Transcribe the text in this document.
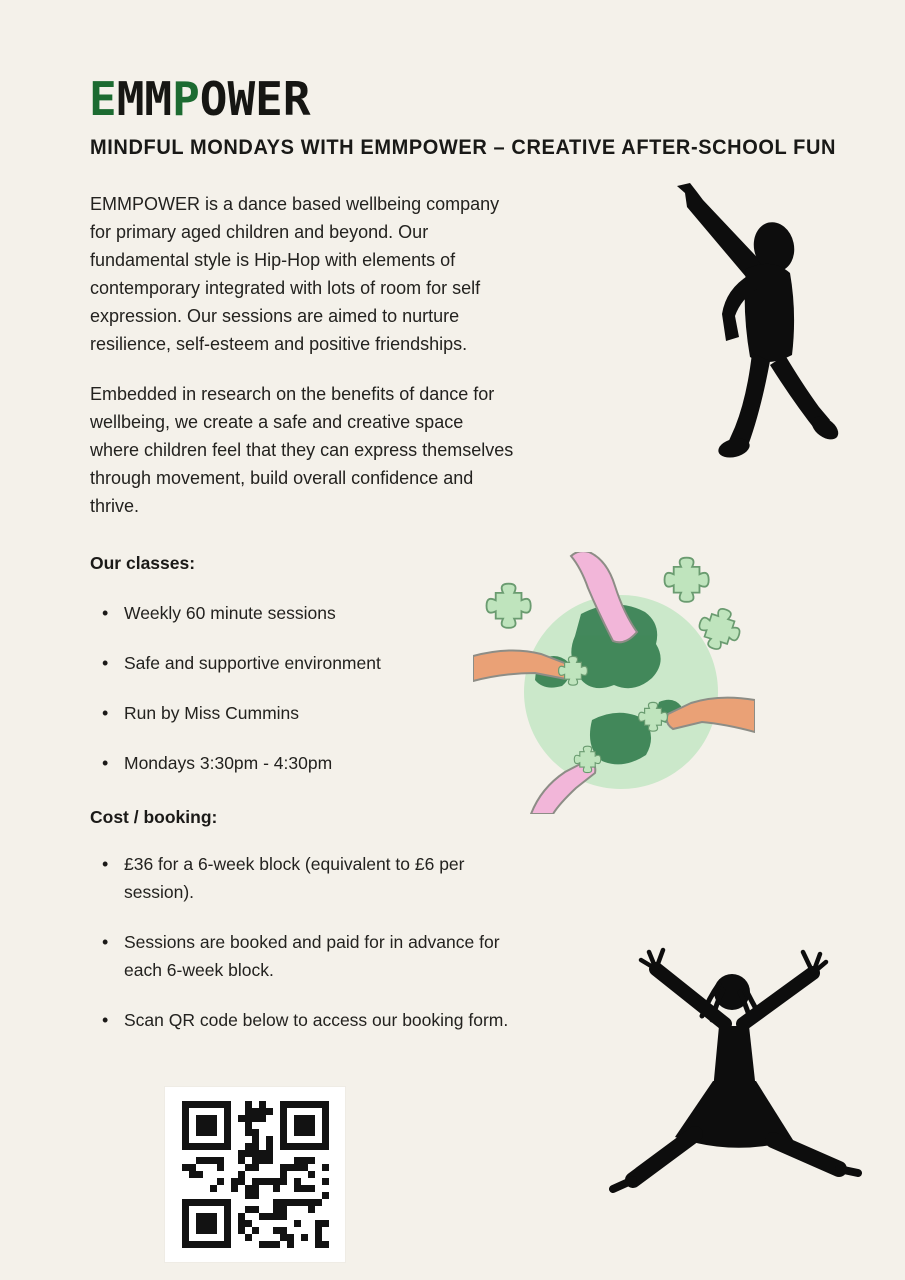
EMMPOWER
MINDFUL MONDAYS WITH EMMPOWER – CREATIVE AFTER-SCHOOL FUN

EMMPOWER is a dance based wellbeing company for primary aged children and beyond. Our fundamental style is Hip-Hop with elements of contemporary integrated with lots of room for self expression. Our sessions are aimed to nurture resilience, self-esteem and positive friendships.

Embedded in research on the benefits of dance for wellbeing, we create a safe and creative space where children feel that they can express themselves through movement, build overall confidence and thrive.

Our classes:
• Weekly 60 minute sessions
• Safe and supportive environment
• Run by Miss Cummins
• Mondays 3:30pm - 4:30pm
Cost / booking:
• £36 for a 6-week block (equivalent to £6 per session).
• Sessions are booked and paid for in advance for each 6-week block.
• Scan QR code below to access our booking form.
